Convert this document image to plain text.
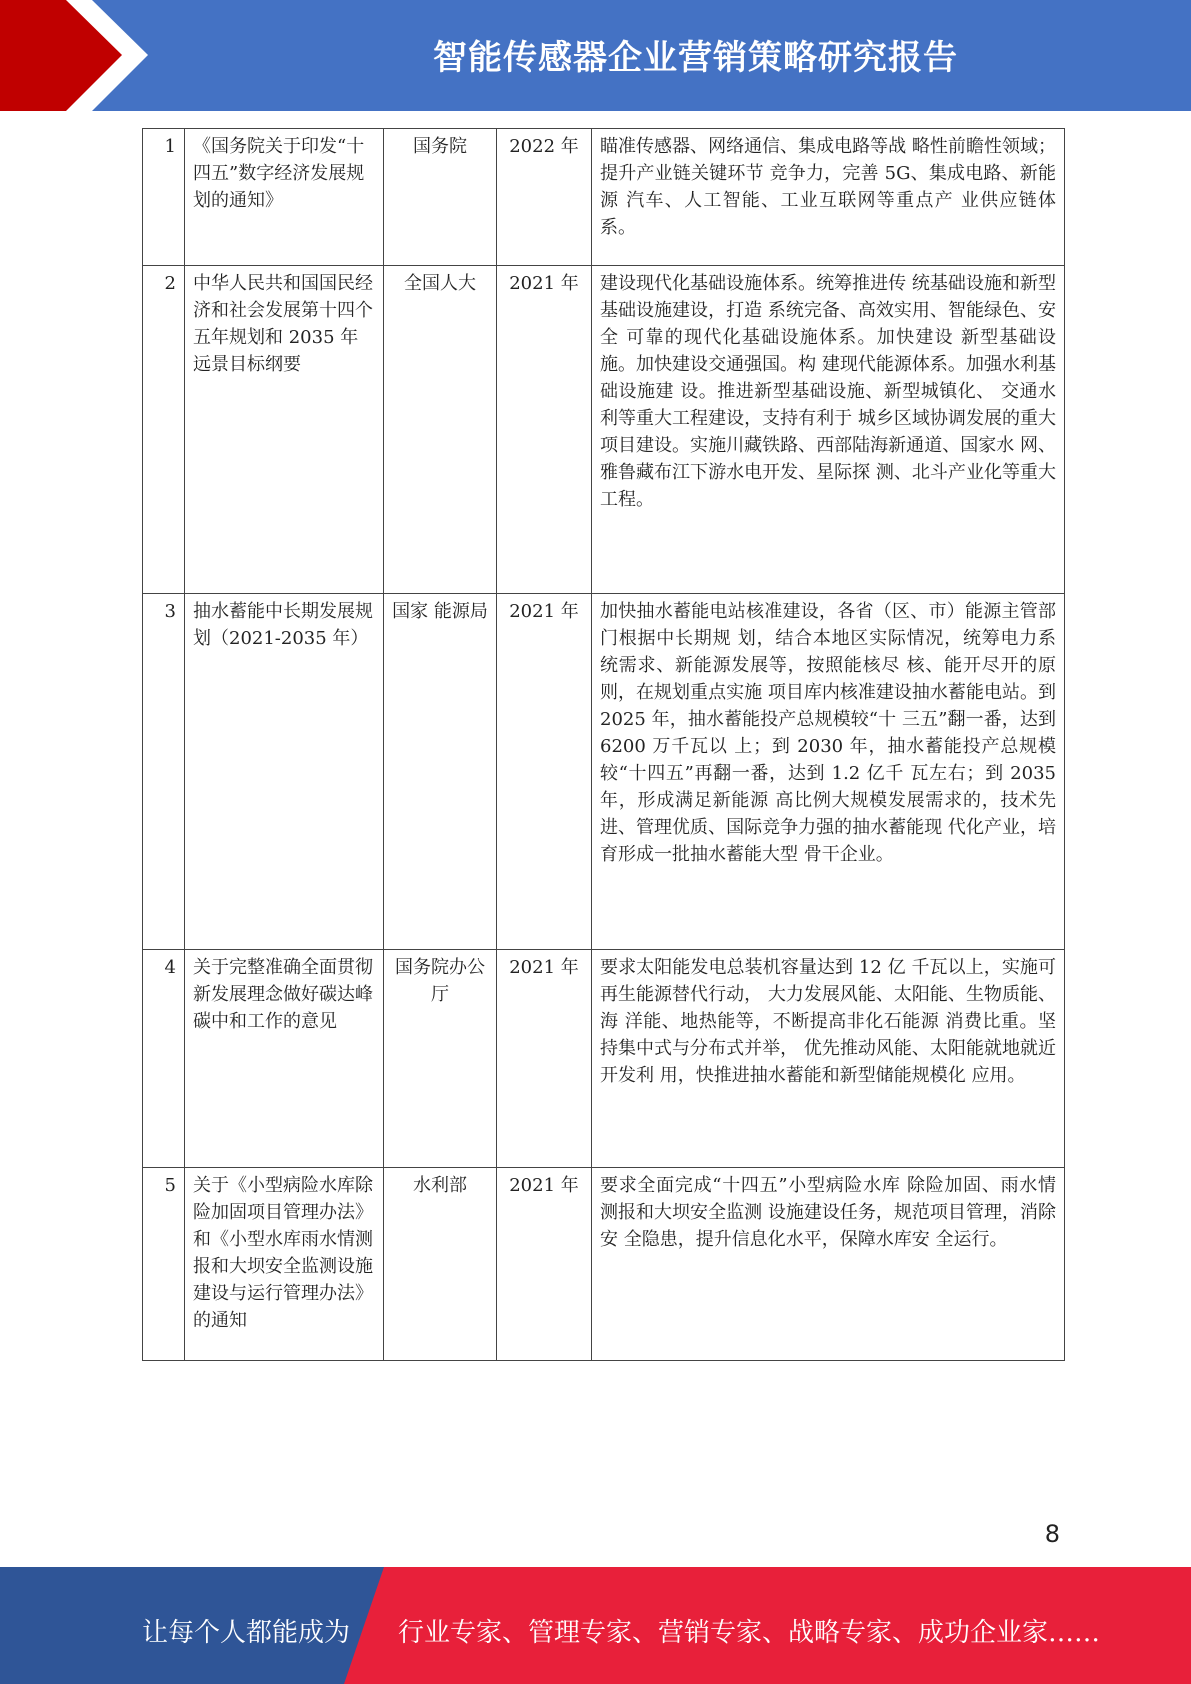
智能传感器企业营销策略研究报告
1	《国务院关于印发“十四五”数字经济发展规划的通知》	国务院	2022 年	瞄准传感器、网络通信、集成电路等战 略性前瞻性领域；提升产业链关键环节 竞争力，完善 5G、集成电路、新能源 汽车、人工智能、工业互联网等重点产 业供应链体系。
2	中华人民共和国国民经济和社会发展第十四个五年规划和 2035 年远景目标纲要	全国人大	2021 年	建设现代化基础设施体系。统筹推进传 统基础设施和新型基础设施建设，打造 系统完备、高效实用、智能绿色、安全 可靠的现代化基础设施体系。加快建设 新型基础设施。加快建设交通强国。构 建现代能源体系。加强水利基础设施建 设。推进新型基础设施、新型城镇化、 交通水利等重大工程建设，支持有利于 城乡区域协调发展的重大项目建设。实施川藏铁路、西部陆海新通道、国家水 网、雅鲁藏布江下游水电开发、星际探 测、北斗产业化等重大工程。
3	抽水蓄能中长期发展规划（2021-2035 年）	国家 能源局	2021 年	加快抽水蓄能电站核准建设，各省（区、市）能源主管部门根据中长期规 划，结合本地区实际情况，统筹电力系 统需求、新能源发展等，按照能核尽 核、能开尽开的原则，在规划重点实施 项目库内核准建设抽水蓄能电站。到 2025 年，抽水蓄能投产总规模较“十 三五”翻一番，达到 6200 万千瓦以 上；到 2030 年，抽水蓄能投产总规模 较“十四五”再翻一番，达到 1.2 亿千 瓦左右；到 2035 年，形成满足新能源 高比例大规模发展需求的，技术先进、管理优质、国际竞争力强的抽水蓄能现 代化产业，培育形成一批抽水蓄能大型 骨干企业。
4	关于完整准确全面贯彻新发展理念做好碳达峰碳中和工作的意见	国务院办公厅	2021 年	要求太阳能发电总装机容量达到 12 亿 千瓦以上，实施可再生能源替代行动， 大力发展风能、太阳能、生物质能、海 洋能、地热能等，不断提高非化石能源 消费比重。坚持集中式与分布式并举， 优先推动风能、太阳能就地就近开发利 用，快推进抽水蓄能和新型储能规模化 应用。
5	关于《小型病险水库除险加固项目管理办法》和《小型水库雨水情测报和大坝安全监测设施建设与运行管理办法》的通知	水利部	2021 年	要求全面完成“十四五”小型病险水库 除险加固、雨水情测报和大坝安全监测 设施建设任务，规范项目管理，消除安 全隐患，提升信息化水平，保障水库安 全运行。
8
让每个人都能成为 行业专家、管理专家、营销专家、战略专家、成功企业家……
